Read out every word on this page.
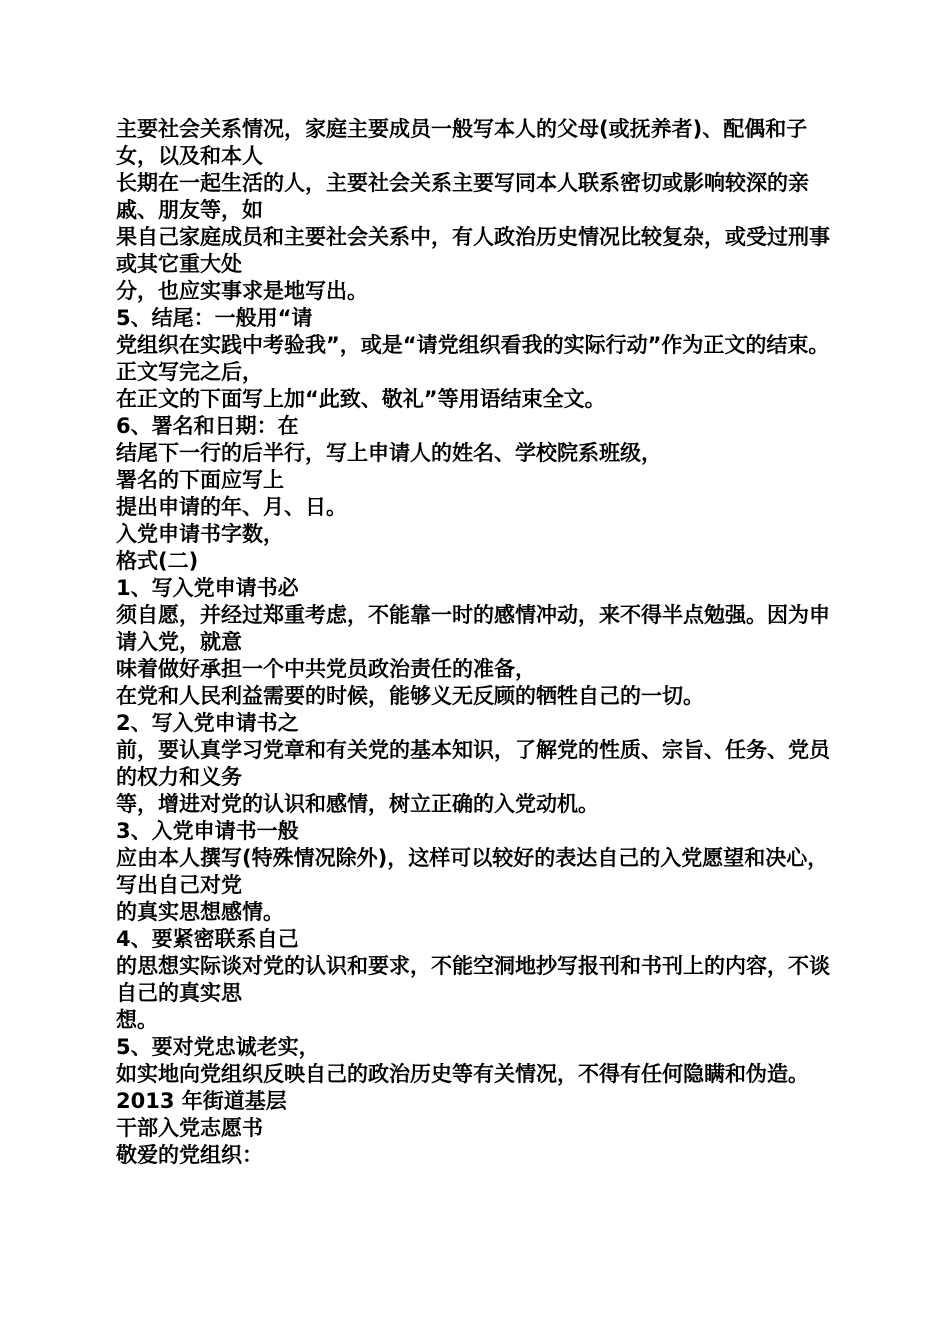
主要社会关系情况，家庭主要成员一般写本人的父母(或抚养者)、配偶和子女，以及和本人

长期在一起生活的人，主要社会关系主要写同本人联系密切或影响较深的亲戚、朋友等，如

果自己家庭成员和主要社会关系中，有人政治历史情况比较复杂，或受过刑事或其它重大处

分，也应实事求是地写出。

5、结尾：一般用“请

党组织在实践中考验我”，或是“请党组织看我的实际行动”作为正文的结束。正文写完之后，

在正文的下面写上加“此致、敬礼”等用语结束全文。

6、署名和日期：在

结尾下一行的后半行，写上申请人的姓名、学校院系班级，

署名的下面应写上

提出申请的年、月、日。

入党申请书字数，

格式(二)

1、写入党申请书必

须自愿，并经过郑重考虑，不能靠一时的感情冲动，来不得半点勉强。因为申请入党，就意

味着做好承担一个中共党员政治责任的准备，

在党和人民利益需要的时候，能够义无反顾的牺牲自己的一切。

2、写入党申请书之

前，要认真学习党章和有关党的基本知识，了解党的性质、宗旨、任务、党员的权力和义务

等，增进对党的认识和感情，树立正确的入党动机。

3、入党申请书一般

应由本人撰写(特殊情况除外)，这样可以较好的表达自己的入党愿望和决心，写出自己对党

的真实思想感情。

4、要紧密联系自己

的思想实际谈对党的认识和要求，不能空洞地抄写报刊和书刊上的内容，不谈自己的真实思

想。

5、要对党忠诚老实，

如实地向党组织反映自己的政治历史等有关情况，不得有任何隐瞒和伪造。

2013 年街道基层

干部入党志愿书

敬爱的党组织：
